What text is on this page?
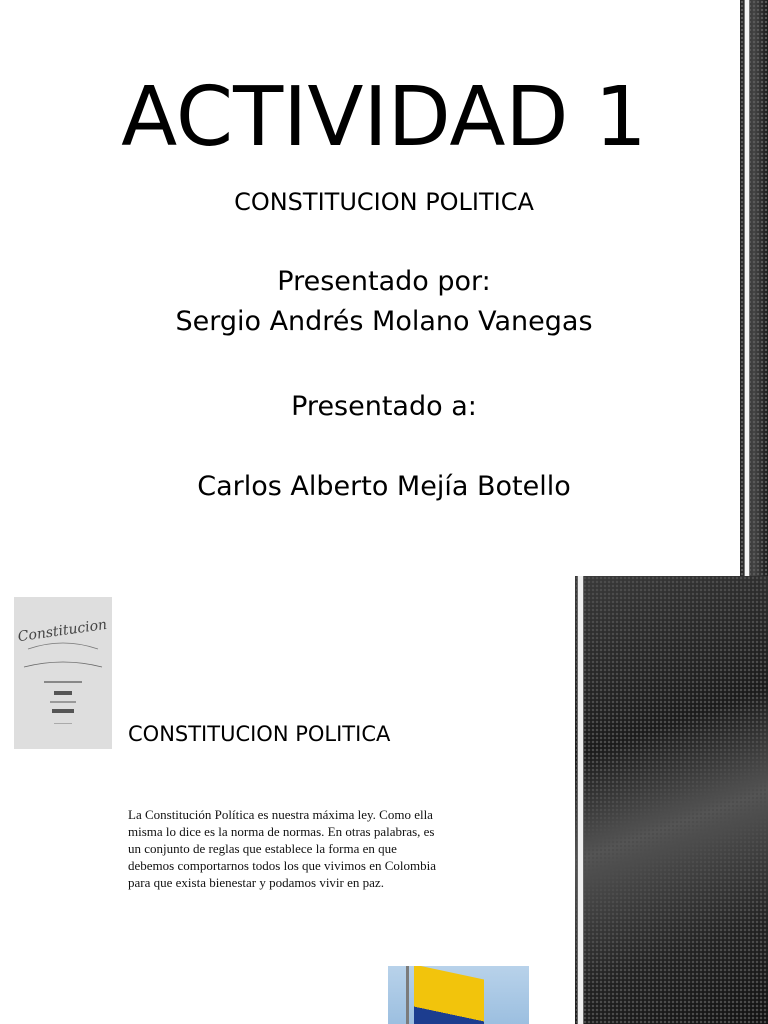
ACTIVIDAD 1
CONSTITUCION POLITICA
Presentado por:
Sergio Andrés Molano Vanegas
Presentado a:
Carlos Alberto Mejía Botello
Constitucion
CONSTITUCION POLITICA
La Constitución Política es nuestra máxima ley. Como ella misma lo dice es la norma de normas. En otras palabras, es un conjunto de reglas que establece la forma en que debemos comportarnos todos los que vivimos en Colombia para que exista bienestar y podamos vivir en paz.
